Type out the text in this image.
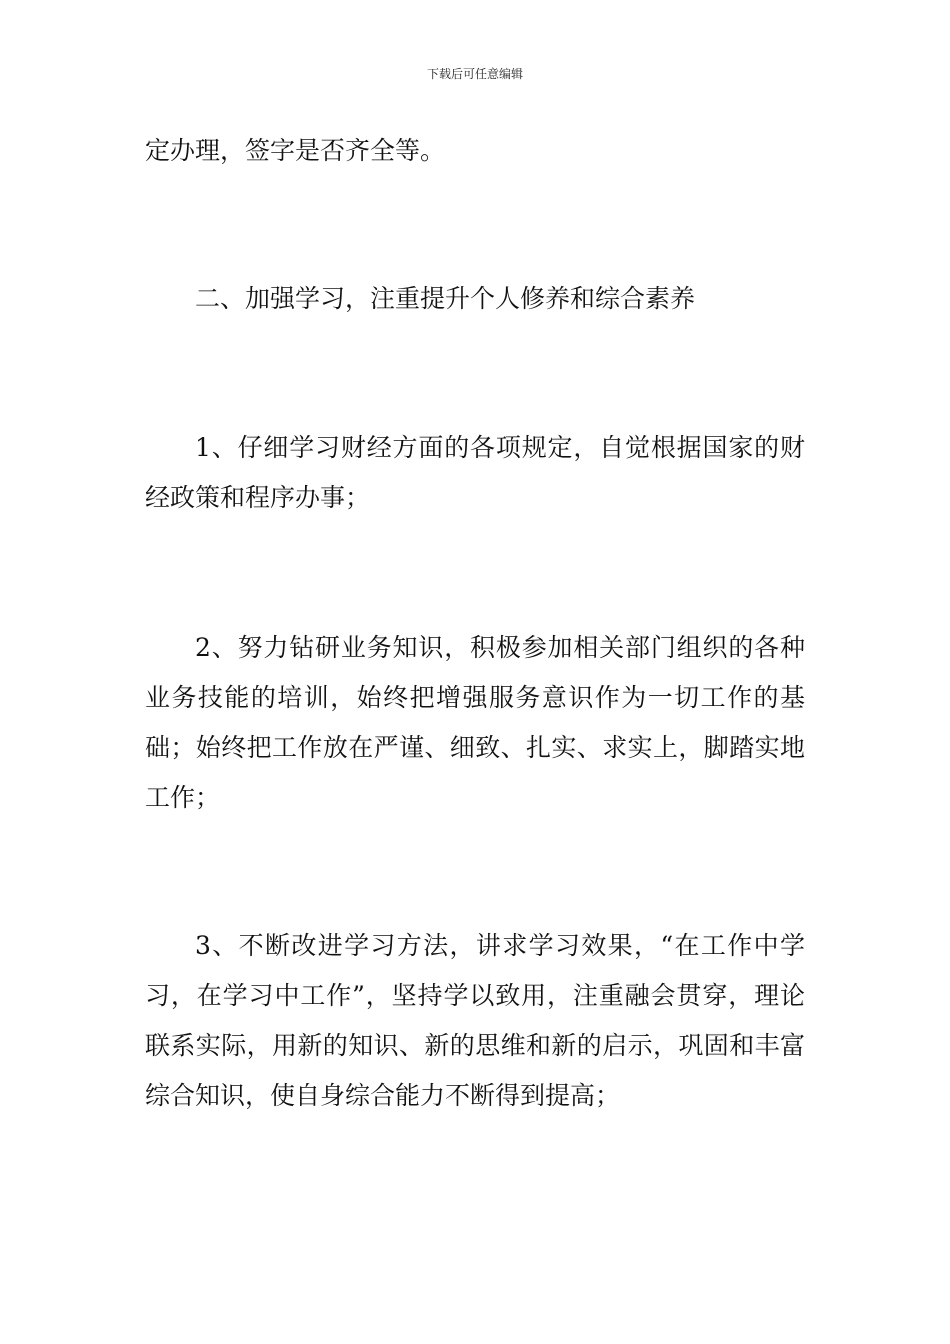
下载后可任意编辑
定办理，签字是否齐全等。
二、加强学习，注重提升个人修养和综合素养
1、仔细学习财经方面的各项规定，自觉根据国家的财经政策和程序办事；
2、努力钻研业务知识，积极参加相关部门组织的各种业务技能的培训，始终把增强服务意识作为一切工作的基础；始终把工作放在严谨、细致、扎实、求实上，脚踏实地工作；
3、不断改进学习方法，讲求学习效果，“在工作中学习，在学习中工作”，坚持学以致用，注重融会贯穿，理论联系实际，用新的知识、新的思维和新的启示，巩固和丰富综合知识，使自身综合能力不断得到提高；
